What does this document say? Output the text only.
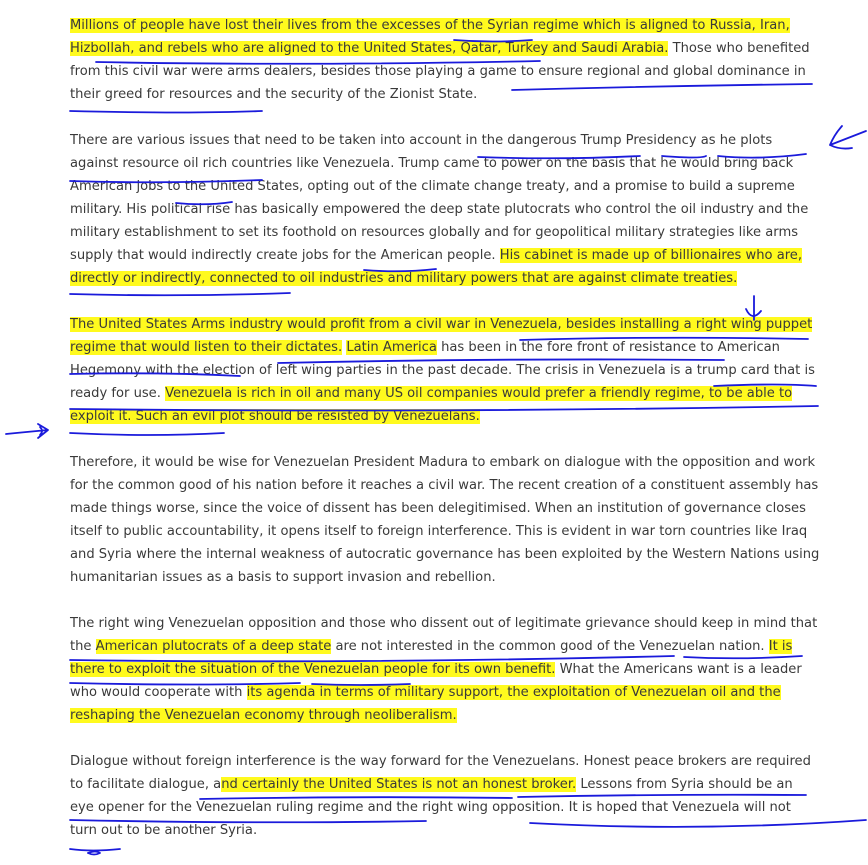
Millions of people have lost their lives from the excesses of the Syrian regime which is aligned to Russia, Iran, Hizbollah, and rebels who are aligned to the United States, Qatar, Turkey and Saudi Arabia. Those who benefited from this civil war were arms dealers, besides those playing a game to ensure regional and global dominance in their greed for resources and the security of the Zionist State.

There are various issues that need to be taken into account in the dangerous Trump Presidency as he plots against resource oil rich countries like Venezuela. Trump came to power on the basis that he would bring back American jobs to the United States, opting out of the climate change treaty, and a promise to build a supreme military. His political rise has basically empowered the deep state plutocrats who control the oil industry and the military establishment to set its foothold on resources globally and for geopolitical military strategies like arms supply that would indirectly create jobs for the American people. His cabinet is made up of billionaires who are, directly or indirectly, connected to oil industries and military powers that are against climate treaties.

The United States Arms industry would profit from a civil war in Venezuela, besides installing a right wing puppet regime that would listen to their dictates. Latin America has been in the fore front of resistance to American Hegemony with the election of left wing parties in the past decade. The crisis in Venezuela is a trump card that is ready for use. Venezuela is rich in oil and many US oil companies would prefer a friendly regime, to be able to exploit it. Such an evil plot should be resisted by Venezuelans.

Therefore, it would be wise for Venezuelan President Madura to embark on dialogue with the opposition and work for the common good of his nation before it reaches a civil war. The recent creation of a constituent assembly has made things worse, since the voice of dissent has been delegitimised. When an institution of governance closes itself to public accountability, it opens itself to foreign interference. This is evident in war torn countries like Iraq and Syria where the internal weakness of autocratic governance has been exploited by the Western Nations using humanitarian issues as a basis to support invasion and rebellion.

The right wing Venezuelan opposition and those who dissent out of legitimate grievance should keep in mind that the American plutocrats of a deep state are not interested in the common good of the Venezuelan nation. It is there to exploit the situation of the Venezuelan people for its own benefit. What the Americans want is a leader who would cooperate with its agenda in terms of military support, the exploitation of Venezuelan oil and the reshaping the Venezuelan economy through neoliberalism.

Dialogue without foreign interference is the way forward for the Venezuelans. Honest peace brokers are required to facilitate dialogue, and certainly the United States is not an honest broker. Lessons from Syria should be an eye opener for the Venezuelan ruling regime and the right wing opposition. It is hoped that Venezuela will not turn out to be another Syria.
